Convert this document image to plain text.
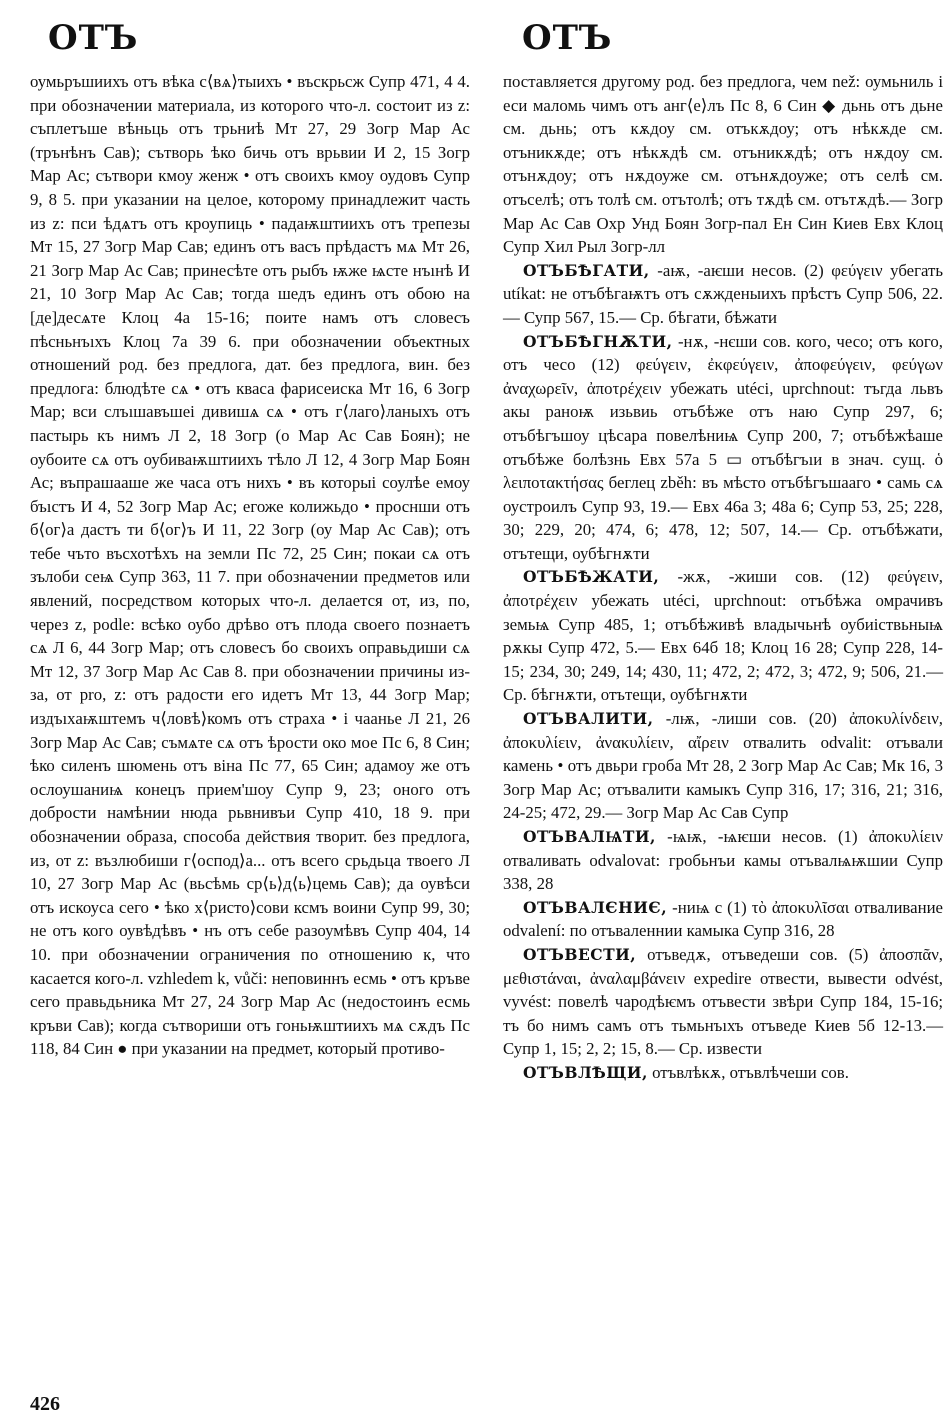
ОТЪ	ОТЪ

оумьръшиихъ отъ вѣка с⟨вѧ⟩тыихъ • въскрьсж Супр 471, 4 4. при обозначении материала, из которого что-л. состоит из z: съплетъше вѣньць отъ трьниѣ Мт 27, 29 Зогр Мар Ас (трънѣнъ Сав); сътворь ѣко бичь отъ врьвии И 2, 15 Зогр Мар Ас; сътвори кмоу женж • отъ своихъ кмоу оудовъ Супр 9, 8 5. при указании на целое, которому принадлежит часть из z: пси ѣдѧтъ отъ кроупиць • падаѭштиихъ отъ трепезы Мт 15, 27 Зогр Мар Сав; единъ отъ васъ прѣдастъ мѧ Мт 26, 21 Зогр Мар Ас Сав; принесѣте отъ рыбъ ѭже ѩсте нъıнѣ И 21, 10 Зогр Мар Ас Сав; тогда шедъ единъ отъ обою на [де]десѧте Клоц 4а 15-16; поите намъ отъ словесъ пѣсньнъıхъ Клоц 7а 39 6. при обозначении объектных отношений род. без предлога, дат. без предлога, вин. без предлога: блюдѣте сѧ • отъ кваса фарисеиска Мт 16, 6 Зогр Мар; вси слъıшавъшеі дивишѧ сѧ • отъ г⟨лаго⟩ланыхъ отъ пастырь къ нимъ Л 2, 18 Зогр (о Мар Ас Сав Боян); не оубоите сѧ отъ оубиваѭштиихъ тѣло Л 12, 4 Зогр Мар Боян Ас; въпрашааше же часа отъ нихъ • въ которыі соулѣе емоу бъıстъ И 4, 52 Зогр Мар Ас; егоже колижьдо • проснши отъ б⟨ог⟩а дастъ ти б⟨ог⟩ъ И 11, 22 Зогр (оу Мар Ас Сав); отъ тебе чъто въсхотѣхъ на земли Пс 72, 25 Син; покаи сѧ отъ зълоби сеѩ Супр 363, 11 7. при обозначении предметов или явлений, посредством которых что-л. делается от, из, по, через z, podle: всѣко оубо дрѣво отъ плода своего познаетъ сѧ Л 6, 44 Зогр Мар; отъ словесъ бо своихъ оправьдиши сѧ Мт 12, 37 Зогр Мар Ас Сав 8. при обозначении причины из-за, от pro, z: отъ радости его идетъ Мт 13, 44 Зогр Мар; издъıхаѭштемъ ч⟨ловѣ⟩комъ отъ страха • і чаанье Л 21, 26 Зогр Мар Ас Сав; съмѧте сѧ отъ ѣрости око мое Пс 6, 8 Син; ѣко силенъ шюмень отъ віна Пс 77, 65 Син; адамоу же отъ ослоушаниѩ конецъ прием'шоу Супр 9, 23; оного отъ добрости намѣнии нюда рьвнивъи Супр 410, 18 9. при обозначении образа, способа действия творит. без предлога, из, от z: възлюбиши г⟨оспод⟩а... отъ всего срьдьца твоего Л 10, 27 Зогр Мар Ас (вьсѣмь ср⟨ь⟩д⟨ь⟩цемь Сав); да оувѣси отъ искоуса сего • ѣко х⟨ристо⟩сови ксмъ воини Супр 99, 30; не отъ кого оувѣдѣвъ • нъ отъ себе разоумѣвъ Супр 404, 14 10. при обозначении ограничения по отношению к, что касается кого-л. vzhledem k, vůči: неповиннъ есмь • отъ кръве сего правьдьника Мт 27, 24 Зогр Мар Ас (недостоинъ есмь кръви Сав); когда сътвориши отъ гоньѭштиихъ мѧ сѫдъ Пс 118, 84 Син ● при указании на предмет, который противо-

поставляется другому род. без предлога, чем než: оумьниль і еси маломь чимъ отъ анг⟨е⟩лъ Пс 8, 6 Син ◆ дьнь отъ дьне см. дьнь; отъ кѫдоу см. отъкѫдоу; отъ нѣкѫде см. отъникѫде; отъ нѣкѫдѣ см. отъникѫдѣ; отъ нѫдоу см. отънѫдоу; отъ нѫдоуже см. отънѫдоуже; отъ селѣ см. отъселѣ; отъ толѣ см. отътолѣ; отъ тѫдѣ см. отътѫдѣ.— Зогр Мар Ас Сав Охр Унд Боян Зогр-пал Ен Син Киев Евх Клоц Супр Хил Рыл Зогр-лл

ОТЪБѢГАТИ, -аѭ, -аѥши несов. (2) φεύγειν убегать utíkat: не отъбѣгаѭтъ отъ сѫжденыихъ прѣстъ Супр 506, 22.— Супр 567, 15.— Ср. бѣгати, бѣжати

ОТЪБѢГНѪТИ, -нѫ, -нєши сов. кого, чесо; отъ кого, отъ чесо (12) φεύγειν, ἐκφεύγειν, ἀποφεύγειν, φεύγων ἀναχωρεῖν, ἀποτρέχειν убежать utéci, uprchnout: тъгда львъ акы раноѭ изьвиь отъбѣже отъ наю Супр 297, 6; отъбѣгъшоу цѣсара повелѣниѩ Супр 200, 7; отъбѣжѣаше отъбѣже болѣзнь Евх 57а 5 ▭ отъбѣгъıи в знач. сущ. ὁ λειποτακτήσας беглец zběh: въ мѣсто отъбѣгъшааго • самь сѧ оустроилъ Супр 93, 19.— Евх 46а 3; 48а 6; Супр 53, 25; 228, 30; 229, 20; 474, 6; 478, 12; 507, 14.— Ср. отъбѣжати, отътещи, оубѣгнѫти

ОТЪБѢЖАТИ, -жѫ, -жиши сов. (12) φεύγειν, ἀποτρέχειν убежать utéci, uprchnout: отъбѣжа омрачивъ земьѩ Супр 485, 1; отъбѣживѣ владычьнѣ оубиіствьныѩ рѫкы Супр 472, 5.— Евх 64б 18; Клоц 16 28; Супр 228, 14-15; 234, 30; 249, 14; 430, 11; 472, 2; 472, 3; 472, 9; 506, 21.— Ср. бѣгнѫти, отътещи, оубѣгнѫти

ОТЪВАЛИТИ, -лѭ, -лиши сов. (20) ἀποκυλίνδειν, ἀποκυλίειν, ἀνακυλίειν, αἴρειν отвалить odvalit: отъвали камень • отъ двьри гроба Мт 28, 2 Зогр Мар Ас Сав; Мк 16, 3 Зогр Мар Ас; отъвалити камыкъ Супр 316, 17; 316, 21; 316, 24-25; 472, 29.— Зогр Мар Ас Сав Супр

ОТЪВАЛѨТИ, -ѩѭ, -ѩѥши несов. (1) ἀποκυλίειν отваливать odvalovat: гробьнъи камы отъвалѩѭшии Супр 338, 28

ОТЪВАЛЄНИЄ, -ниѩ с (1) τὸ ἀποκυλῖσαι отваливание odvalení: по отъваленнии камыка Супр 316, 28

ОТЪВЕСТИ, отъведѫ, отъведеши сов. (5) ἀποσπᾶν, μεθιστάναι, ἀναλαμβάνειν expedire отвести, вывести odvést, vyvést: повелѣ чародѣѥмъ отъвести звѣри Супр 184, 15-16; тъ бо нимъ самъ отъ тьмьнъıхъ отъведе Киев 5б 12-13.— Супр 1, 15; 2, 2; 15, 8.— Ср. извести

ОТЪВЛѢЩИ, отъвлѣкѫ, отъвлѣчеши сов.

426
